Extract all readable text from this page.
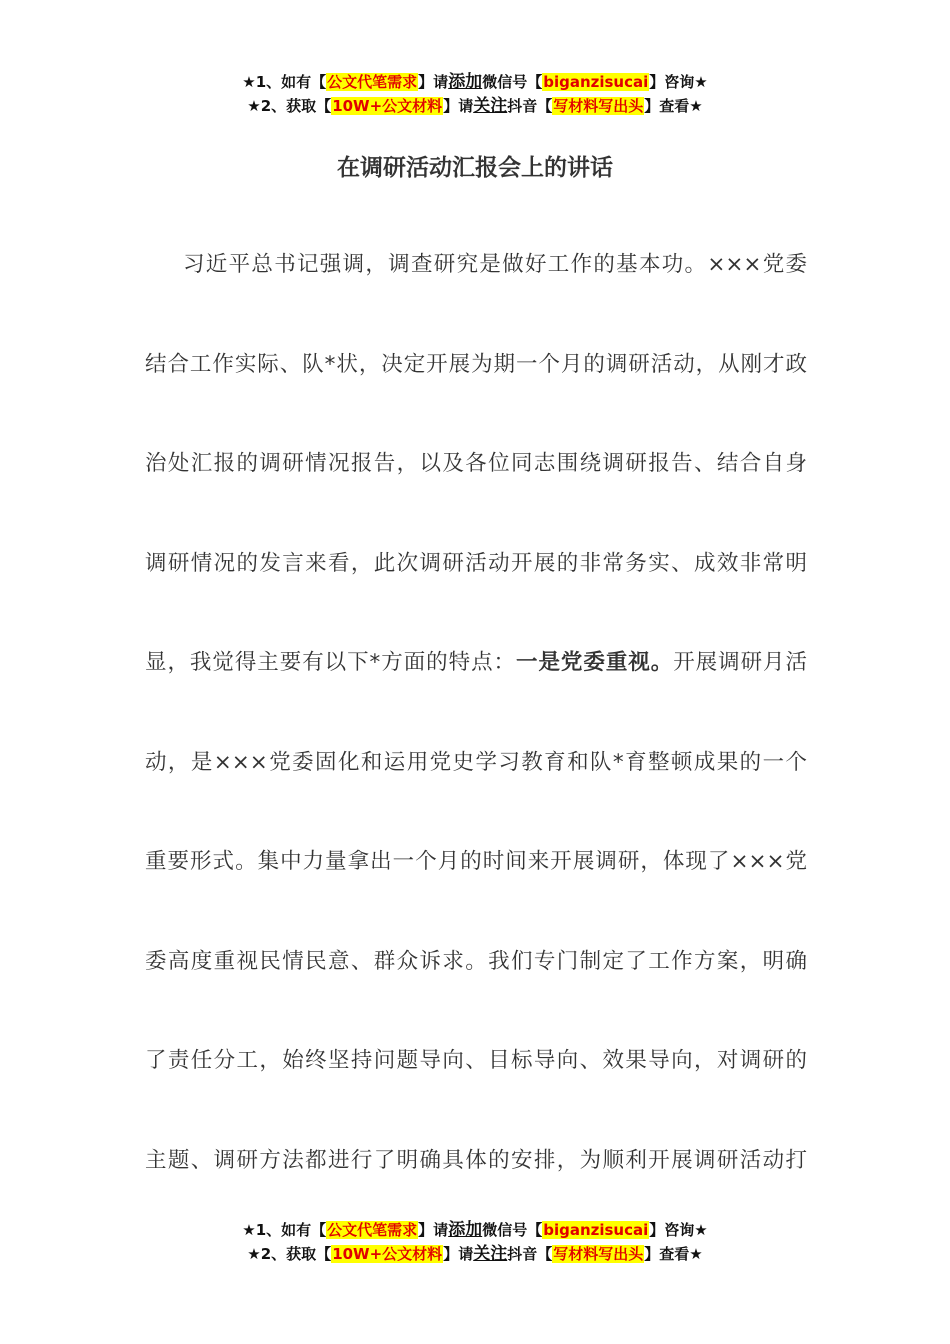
★1、如有【公文代笔需求】请添加微信号【biganzisucai】咨询★
★2、获取【10W+公文材料】请关注抖音【写材料写出头】查看★
在调研活动汇报会上的讲话
习近平总书记强调，调查研究是做好工作的基本功。×××党委
结合工作实际、队*状，决定开展为期一个月的调研活动，从刚才政
治处汇报的调研情况报告，以及各位同志围绕调研报告、结合自身
调研情况的发言来看，此次调研活动开展的非常务实、成效非常明
显，我觉得主要有以下*方面的特点：一是党委重视。开展调研月活
动，是×××党委固化和运用党史学习教育和队*育整顿成果的一个
重要形式。集中力量拿出一个月的时间来开展调研，体现了×××党
委高度重视民情民意、群众诉求。我们专门制定了工作方案，明确
了责任分工，始终坚持问题导向、目标导向、效果导向，对调研的
主题、调研方法都进行了明确具体的安排，为顺利开展调研活动打
★1、如有【公文代笔需求】请添加微信号【biganzisucai】咨询★
★2、获取【10W+公文材料】请关注抖音【写材料写出头】查看★
